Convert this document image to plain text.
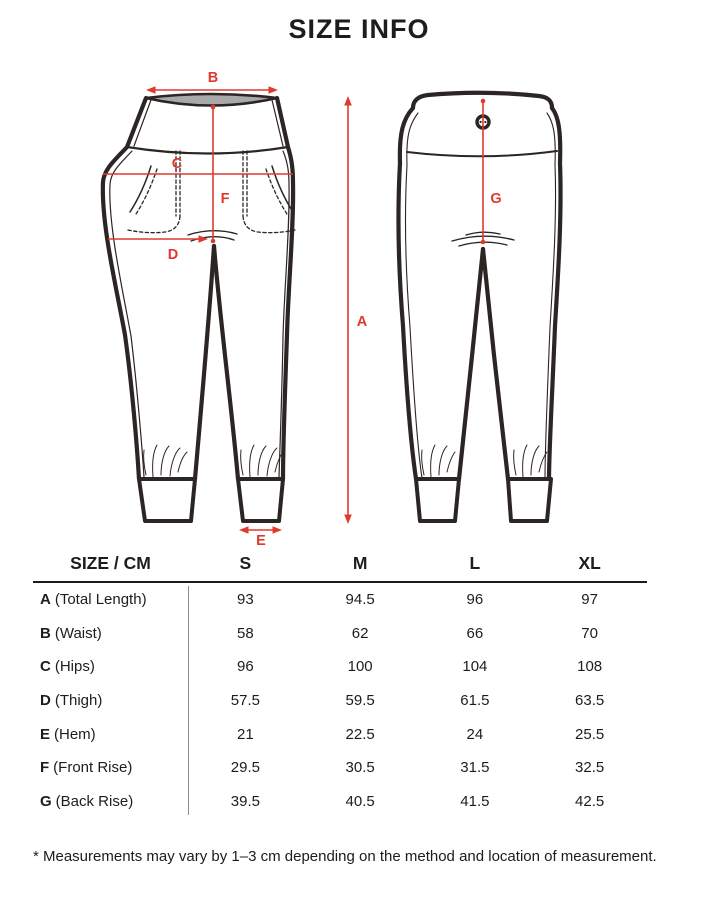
SIZE INFO
B
C
F
D
E
A
G
SIZE / CM	S	M	L	XL
A (Total Length)	93	94.5	96	97
B (Waist)	58	62	66	70
C (Hips)	96	100	104	108
D (Thigh)	57.5	59.5	61.5	63.5
E (Hem)	21	22.5	24	25.5
F (Front Rise)	29.5	30.5	31.5	32.5
G (Back Rise)	39.5	40.5	41.5	42.5
* Measurements may vary by 1–3 cm depending on the method and location of measurement.
